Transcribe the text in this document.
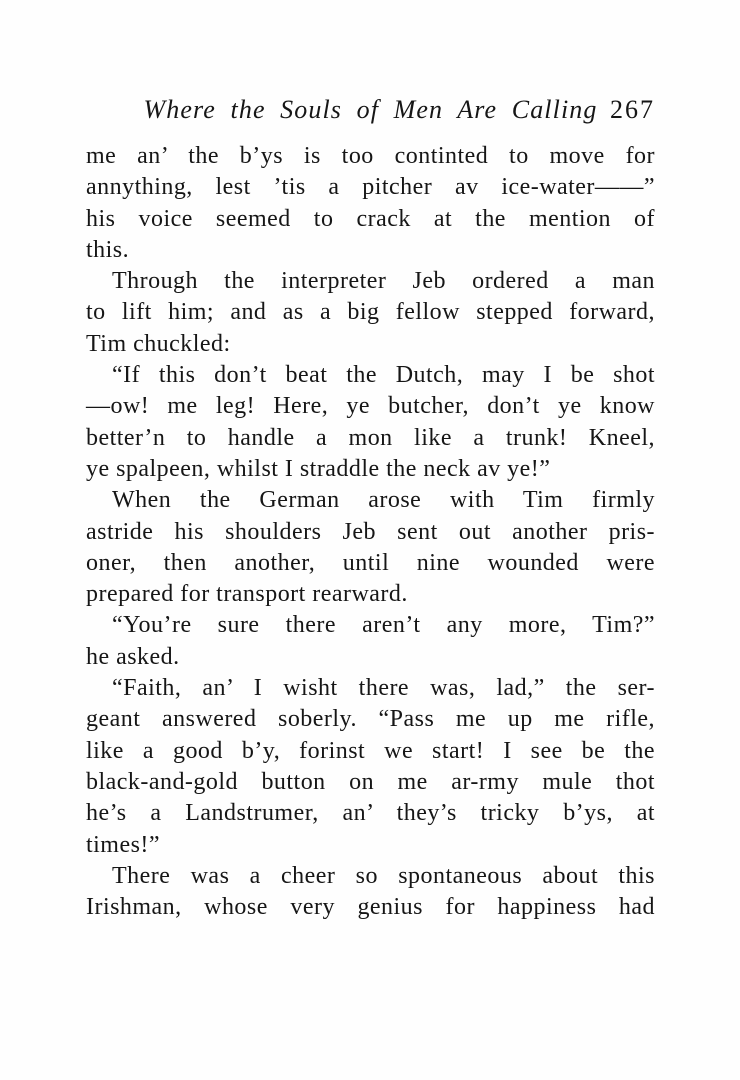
Where the Souls of Men Are Calling 267
me an’ the b’ys is too continted to move for
annything, lest ’tis a pitcher av ice-water——”
his voice seemed to crack at the mention of
this.
Through the interpreter Jeb ordered a man
to lift him; and as a big fellow stepped forward,
Tim chuckled:
“If this don’t beat the Dutch, may I be shot
—ow! me leg! Here, ye butcher, don’t ye know
better’n to handle a mon like a trunk! Kneel,
ye spalpeen, whilst I straddle the neck av ye!”
When the German arose with Tim firmly
astride his shoulders Jeb sent out another pris-
oner, then another, until nine wounded were
prepared for transport rearward.
“You’re sure there aren’t any more, Tim?”
he asked.
“Faith, an’ I wisht there was, lad,” the ser-
geant answered soberly. “Pass me up me rifle,
like a good b’y, forinst we start! I see be the
black-and-gold button on me ar-rmy mule thot
he’s a Landstrumer, an’ they’s tricky b’ys, at
times!”
There was a cheer so spontaneous about this
Irishman, whose very genius for happiness had
